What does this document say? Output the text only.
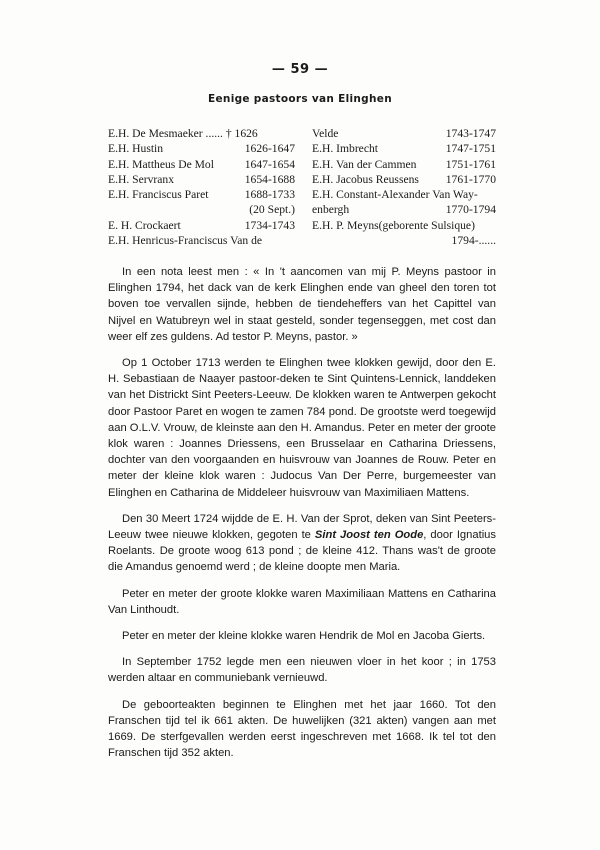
— 59 —
Eenige pastoors van Elinghen
E.H. De Mesmaeker ...... † 1626
E.H. Hustin	1626-1647
E.H. Mattheus De Mol	1647-1654
E.H. Servranx	1654-1688
E.H. Franciscus Paret	1688-1733
(20 Sept.)
E. H. Crockaert	1734-1743
E.H. Henricus-Franciscus Van de
Velde	1743-1747
E.H. Imbrecht	1747-1751
E.H. Van der Cammen	1751-1761
E.H. Jacobus Reussens 1761-1770
E.H. Constant-Alexander Van Way-
enbergh	1770-1794
E.H. P. Meyns(geborente Sulsique)
1794-......

In een nota leest men : « In 't aancomen van mij P. Meyns pastoor in Elinghen 1794, het dack van de kerk Elinghen ende van gheel den toren tot boven toe vervallen sijnde, hebben de tiendeheffers van het Capittel van Nijvel en Watubreyn wel in staat gesteld, sonder tegenseggen, met cost dan weer elf zes guldens. Ad testor P. Meyns, pastor. »

Op 1 October 1713 werden te Elinghen twee klokken gewijd, door den E. H. Sebastiaan de Naayer pastoor-deken te Sint Quintens-Lennick, landdeken van het Districkt Sint Peeters-Leeuw. De klokken waren te Antwerpen gekocht door Pastoor Paret en wogen te zamen 784 pond. De grootste werd toegewijd aan O.L.V. Vrouw, de kleinste aan den H. Amandus. Peter en meter der groote klok waren : Joannes Driessens, een Brusselaar en Catharina Driessens, dochter van den voorgaanden en huisvrouw van Joannes de Rouw. Peter en meter der kleine klok waren : Judocus Van Der Perre, burgemeester van Elinghen en Catharina de Middeleer huisvrouw van Maximiliaen Mattens.

Den 30 Meert 1724 wijdde de E. H. Van der Sprot, deken van Sint Peeters-Leeuw twee nieuwe klokken, gegoten te Sint Joost ten Oode, door Ignatius Roelants. De groote woog 613 pond ; de kleine 412. Thans was't de groote die Amandus genoemd werd ; de kleine doopte men Maria.

Peter en meter der groote klokke waren Maximiliaan Mattens en Catharina Van Linthoudt.

Peter en meter der kleine klokke waren Hendrik de Mol en Jacoba Gierts.

In September 1752 legde men een nieuwen vloer in het koor ; in 1753 werden altaar en communiebank vernieuwd.

De geboorteakten beginnen te Elinghen met het jaar 1660. Tot den Franschen tijd tel ik 661 akten. De huwelijken (321 akten) vangen aan met 1669. De sterfgevallen werden eerst ingeschreven met 1668. Ik tel tot den Franschen tijd 352 akten.
